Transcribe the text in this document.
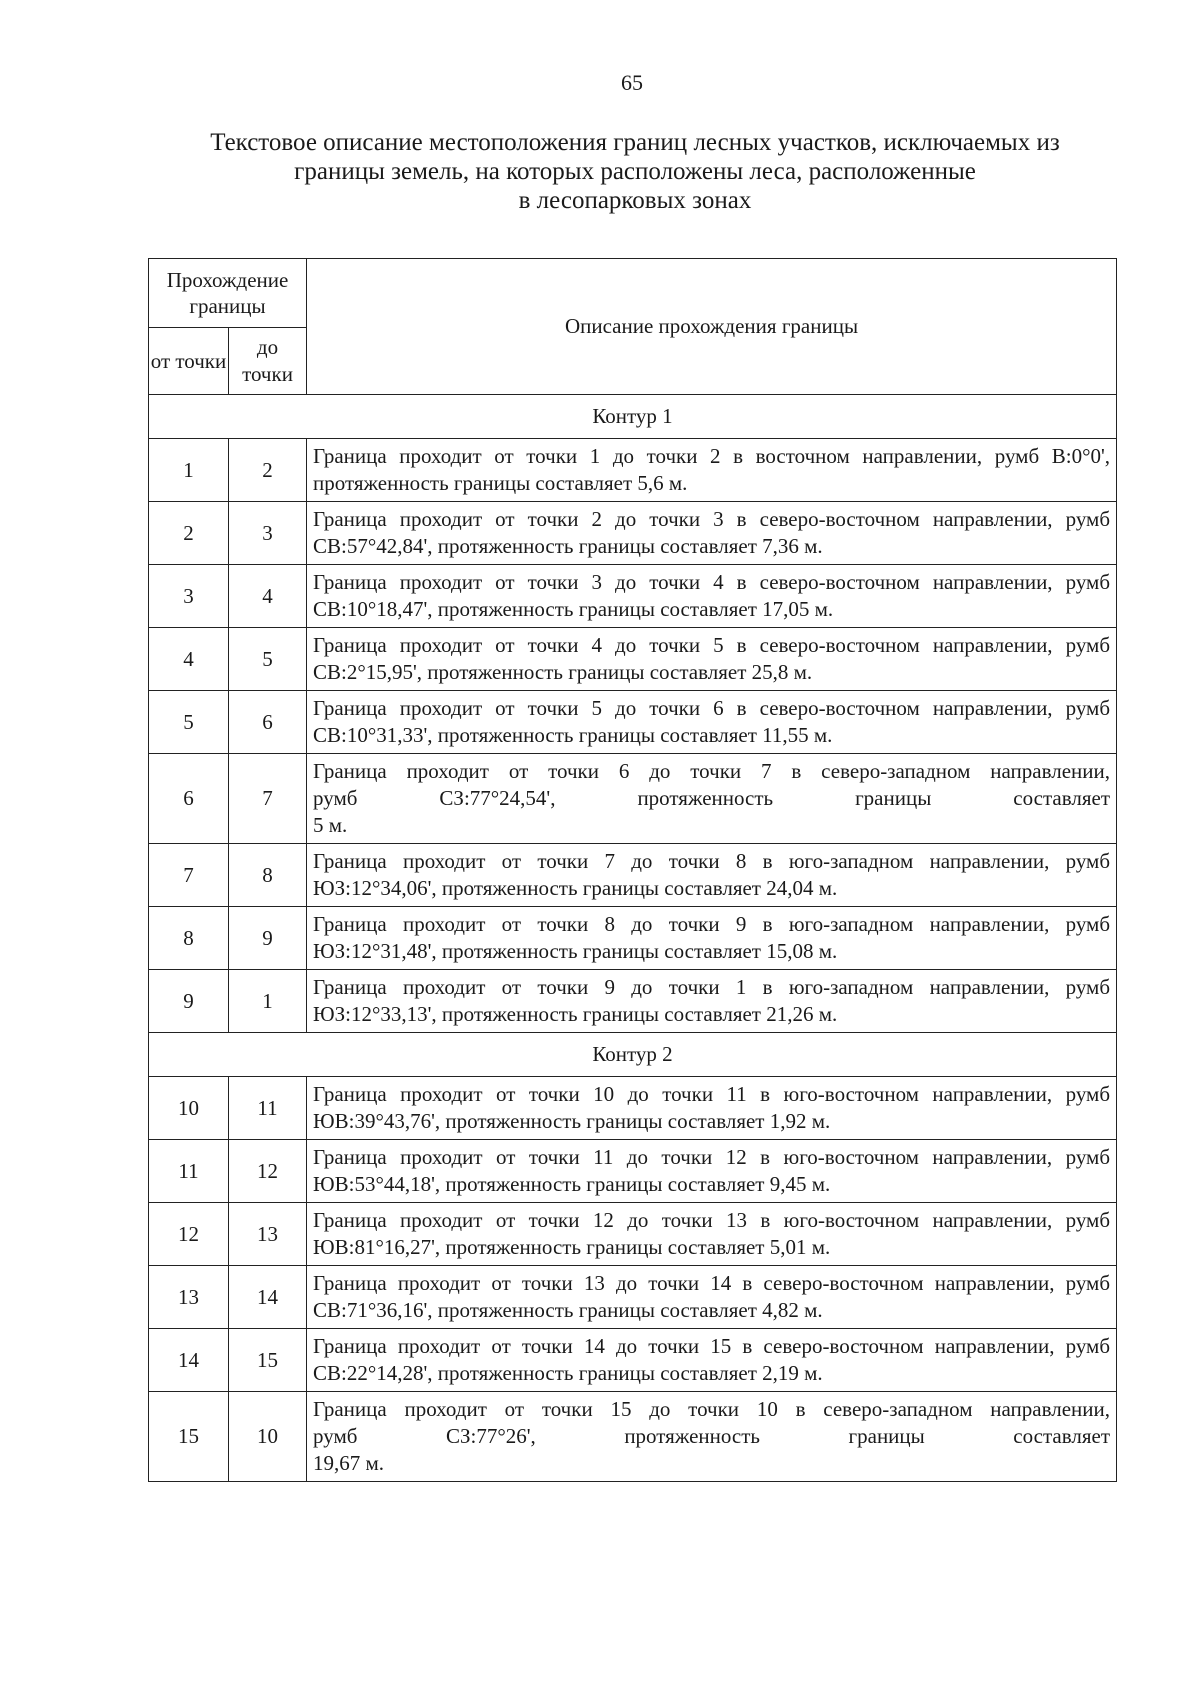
65
Текстовое описание местоположения границ лесных участков, исключаемых из
границы земель, на которых расположены леса, расположенные
в лесопарковых зонах
Прохождение границы		Описание прохождения границы
от точки	до точки	
Контур 1		
1	2	Граница проходит от точки 1 до точки 2 в восточном направлении, румб В:0°0', протяженность границы составляет 5,6 м.
2	3	Граница проходит от точки 2 до точки 3 в северо-восточном направлении, румб СВ:57°42,84', протяженность границы составляет 7,36 м.
3	4	Граница проходит от точки 3 до точки 4 в северо-восточном направлении, румб СВ:10°18,47', протяженность границы составляет 17,05 м.
4	5	Граница проходит от точки 4 до точки 5 в северо-восточном направлении, румб СВ:2°15,95', протяженность границы составляет 25,8 м.
5	6	Граница проходит от точки 5 до точки 6 в северо-восточном направлении, румб СВ:10°31,33', протяженность границы составляет 11,55 м.
6	7	Граница проходит от точки 6 до точки 7 в северо-западном направлении,
румб СЗ:77°24,54', протяженность границы составляет
5 м.

7	8	Граница проходит от точки 7 до точки 8 в юго-западном направлении, румб ЮЗ:12°34,06', протяженность границы составляет 24,04 м.
8	9	Граница проходит от точки 8 до точки 9 в юго-западном направлении, румб ЮЗ:12°31,48', протяженность границы составляет 15,08 м.
9	1	Граница проходит от точки 9 до точки 1 в юго-западном направлении, румб ЮЗ:12°33,13', протяженность границы составляет 21,26 м.
Контур 2		
10	11	Граница проходит от точки 10 до точки 11 в юго-восточном направлении, румб ЮВ:39°43,76', протяженность границы составляет 1,92 м.
11	12	Граница проходит от точки 11 до точки 12 в юго-восточном направлении, румб ЮВ:53°44,18', протяженность границы составляет 9,45 м.
12	13	Граница проходит от точки 12 до точки 13 в юго-восточном направлении, румб ЮВ:81°16,27', протяженность границы составляет 5,01 м.
13	14	Граница проходит от точки 13 до точки 14 в северо-восточном направлении, румб СВ:71°36,16', протяженность границы составляет 4,82 м.
14	15	Граница проходит от точки 14 до точки 15 в северо-восточном направлении, румб СВ:22°14,28', протяженность границы составляет 2,19 м.
15	10	Граница проходит от точки 15 до точки 10 в северо-западном направлении,
румб СЗ:77°26', протяженность границы составляет
19,67 м.
